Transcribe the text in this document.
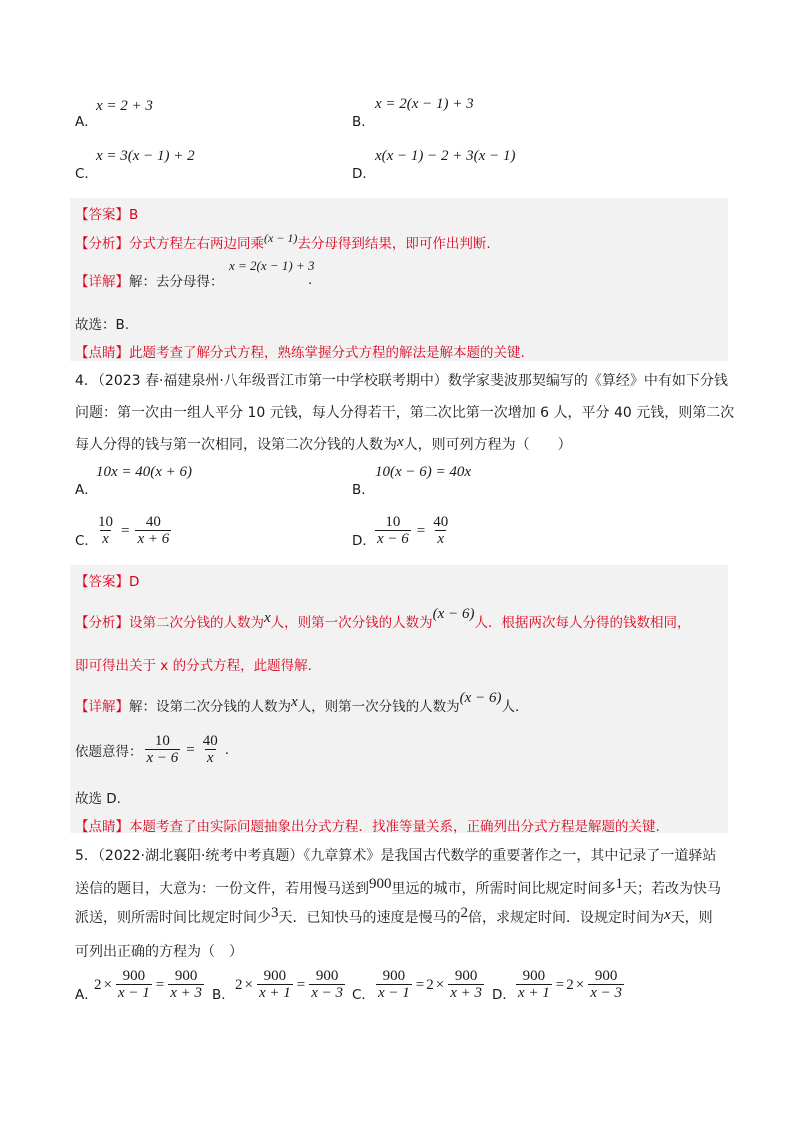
A．
x = 2 + 3
B．
x = 2(x − 1) + 3
C．
x = 3(x − 1) + 2
D．
x(x − 1) − 2 + 3(x − 1)
【答案】B
【分析】分式方程左右两边同乘(x − 1)去分母得到结果，即可作出判断.
【详解】解：去分母得：
x = 2(x − 1) + 3
.
故选：B.
【点睛】此题考查了解分式方程，熟练掌握分式方程的解法是解本题的关键.
4．（2023 春·福建泉州·八年级晋江市第一中学校联考期中）数学家斐波那契编写的《算经》中有如下分钱
问题：第一次由一组人平分 10 元钱，每人分得若干，第二次比第一次增加 6 人，平分 40 元钱，则第二次
每人分得的钱与第一次相同，设第二次分钱的人数为x人，则可列方程为（　　）
A．
10x = 40(x + 6)
B．
10(x − 6) = 40x
C．
$\frac{10}{x} = \frac{40}{x + 6}$	D． $\frac{10}{x - 6} = \frac{40}{x}$
【答案】D
【分析】设第二次分钱的人数为x人，则第一次分钱的人数为(x − 6)人．根据两次每人分得的钱数相同，
即可得出关于 x 的分式方程，此题得解.
【详解】解：设第二次分钱的人数为x人，则第一次分钱的人数为(x − 6)人.
依题意得： $\frac{10}{x - 6} = \frac{40}{x}$ .
故选 D.
【点睛】本题考查了由实际问题抽象出分式方程．找准等量关系，正确列出分式方程是解题的关键.
5．（2022·湖北襄阳·统考中考真题）《九章算术》是我国古代数学的重要著作之一，其中记录了一道驿站
送信的题目，大意为：一份文件，若用慢马送到900里远的城市，所需时间比规定时间多1天；若改为快马
派送，则所需时间比规定时间少3天．已知快马的速度是慢马的2倍，求规定时间．设规定时间为x天，则
可列出正确的方程为（　）
A．
$2 \times \frac{900}{x - 1} = \frac{900}{x + 3}$ B．
$2 \times \frac{900}{x + 1} = \frac{900}{x - 3}$ C． $\frac{900}{x - 1} = 2 \times \frac{900}{x + 3}$ D． $\frac{900}{x + 1} = 2 \times \frac{900}{x - 3}$
